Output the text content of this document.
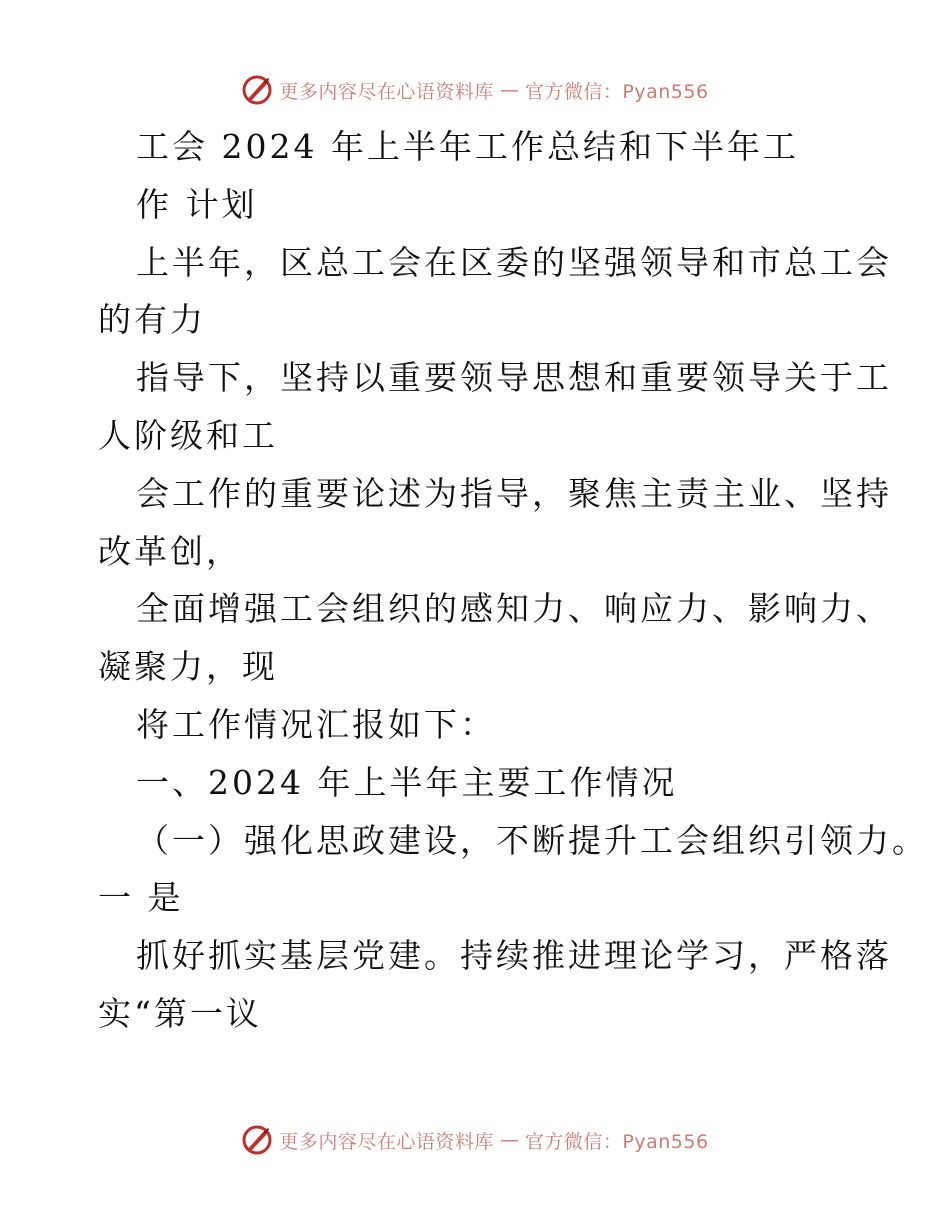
更多内容尽在心语资料库 — 官方微信：Pyan556
工会 2024 年上半年工作总结和下半年工
作 计划
上半年，区总工会在区委的坚强领导和市总工会
的有力
指导下，坚持以重要领导思想和重要领导关于工
人阶级和工
会工作的重要论述为指导，聚焦主责主业、坚持
改革创，
全面增强工会组织的感知力、响应力、影响力、
凝聚力，现
将工作情况汇报如下：
一、2024 年上半年主要工作情况
（一）强化思政建设，不断提升工会组织引领力。
一 是
抓好抓实基层党建。持续推进理论学习，严格落
实“第一议
更多内容尽在心语资料库 — 官方微信：Pyan556
